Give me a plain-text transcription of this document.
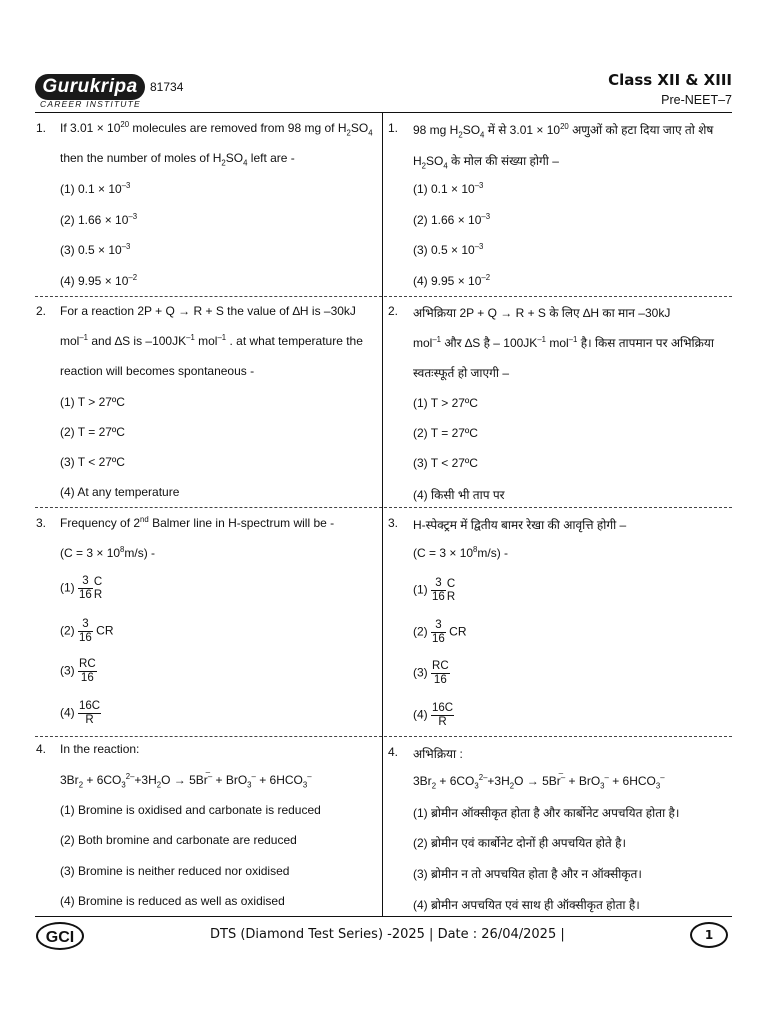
Gurukripa	81734
CAREER INSTITUTE
Class XII & XIII
Pre-NEET–7
1. If $3.01 \times 10^{20}$ molecules are removed from 98 mg of $H_2SO_4$
then the number of moles of $H_2SO_4$ left are -
(1) $0.1 \times 10^{-3}$
(2) $1.66 \times 10^{-3}$
(3) $0.5 \times 10^{-3}$
(4) $9.95 \times 10^{-2}$
2. For a reaction 2P + Q → R + S the value of ∆H is –30kJ
mol$^{-1}$ and ∆S is $-100JK^{-1}$ mol$^{-1}$ . at what temperature the
reaction will becomes spontaneous -
(1) T > 27ºC
(2) T = 27ºC
(3) T < 27ºC
(4) At any temperature
3. Frequency of 2nd Balmer line in H-spectrum will be -
$(C = 3 \times 10^8m/s)$ -
$(1) \frac{3}{16}$ C
R
$(2) \frac{3}{16}$ CR
$(3) \frac{RC}{16}$
$(4) \frac{16C}{R}$
4. In the reaction:
$3Br_2 + 6CO_3^{2-}+3H_2O \to 5Br^{̅-} + BrO_3^- + 6HCO_3^-$
(1) Bromine is oxidised and carbonate is reduced
(2) Both bromine and carbonate are reduced
(3) Bromine is neither reduced nor oxidised
(4) Bromine is reduced as well as oxidised
1. 98 mg $H_2SO_4$ में से $3.01 \times 10^{20}$ अणुओं को हटा दिया जाए तो शेष
$H_2SO_4$ के मोल की संख्या होगी –
(1) $0.1 \times 10^{-3}$
(2) $1.66 \times 10^{-3}$
(3) $0.5 \times 10^{-3}$
(4) $9.95 \times 10^{-2}$
2. अभिक्रिया 2P + Q → R + S के लिए ∆H का मान –30kJ
mol$^{-1}$ और ∆S है – $100JK^{-1}$ mol$^{-1}$ है। किस तापमान पर अभिक्रिया
स्वतःस्फूर्त हो जाएगी –
(1) T > 27ºC
(2) T = 27ºC
(3) T < 27ºC
(4) किसी भी ताप पर
3. H-स्पेक्ट्रम में द्वितीय बामर रेखा की आवृत्ति होगी –
$(C = 3 \times 10^8m/s)$ -
$(1) \frac{3}{16}$ C
R
$(2) \frac{3}{16}$ CR
$(3) \frac{RC}{16}$
$(4) \frac{16C}{R}$
4. अभिक्रिया :
$3Br_2 + 6CO_3^{2-}+3H_2O \to 5Br^{̅-} + BrO_3^- + 6HCO_3^-$
(1) ब्रोमीन ऑक्सीकृत होता है और कार्बोनेट अपचयित होता है।
(2) ब्रोमीन एवं कार्बोनेट दोनों ही अपचयित होते है।
(3) ब्रोमीन न तो अपचयित होता है और न ऑक्सीकृत।
(4) ब्रोमीन अपचयित एवं साथ ही ऑक्सीकृत होता है।
GCI	DTS (Diamond Test Series) -2025 | Date : 26/04/2025 |	1
